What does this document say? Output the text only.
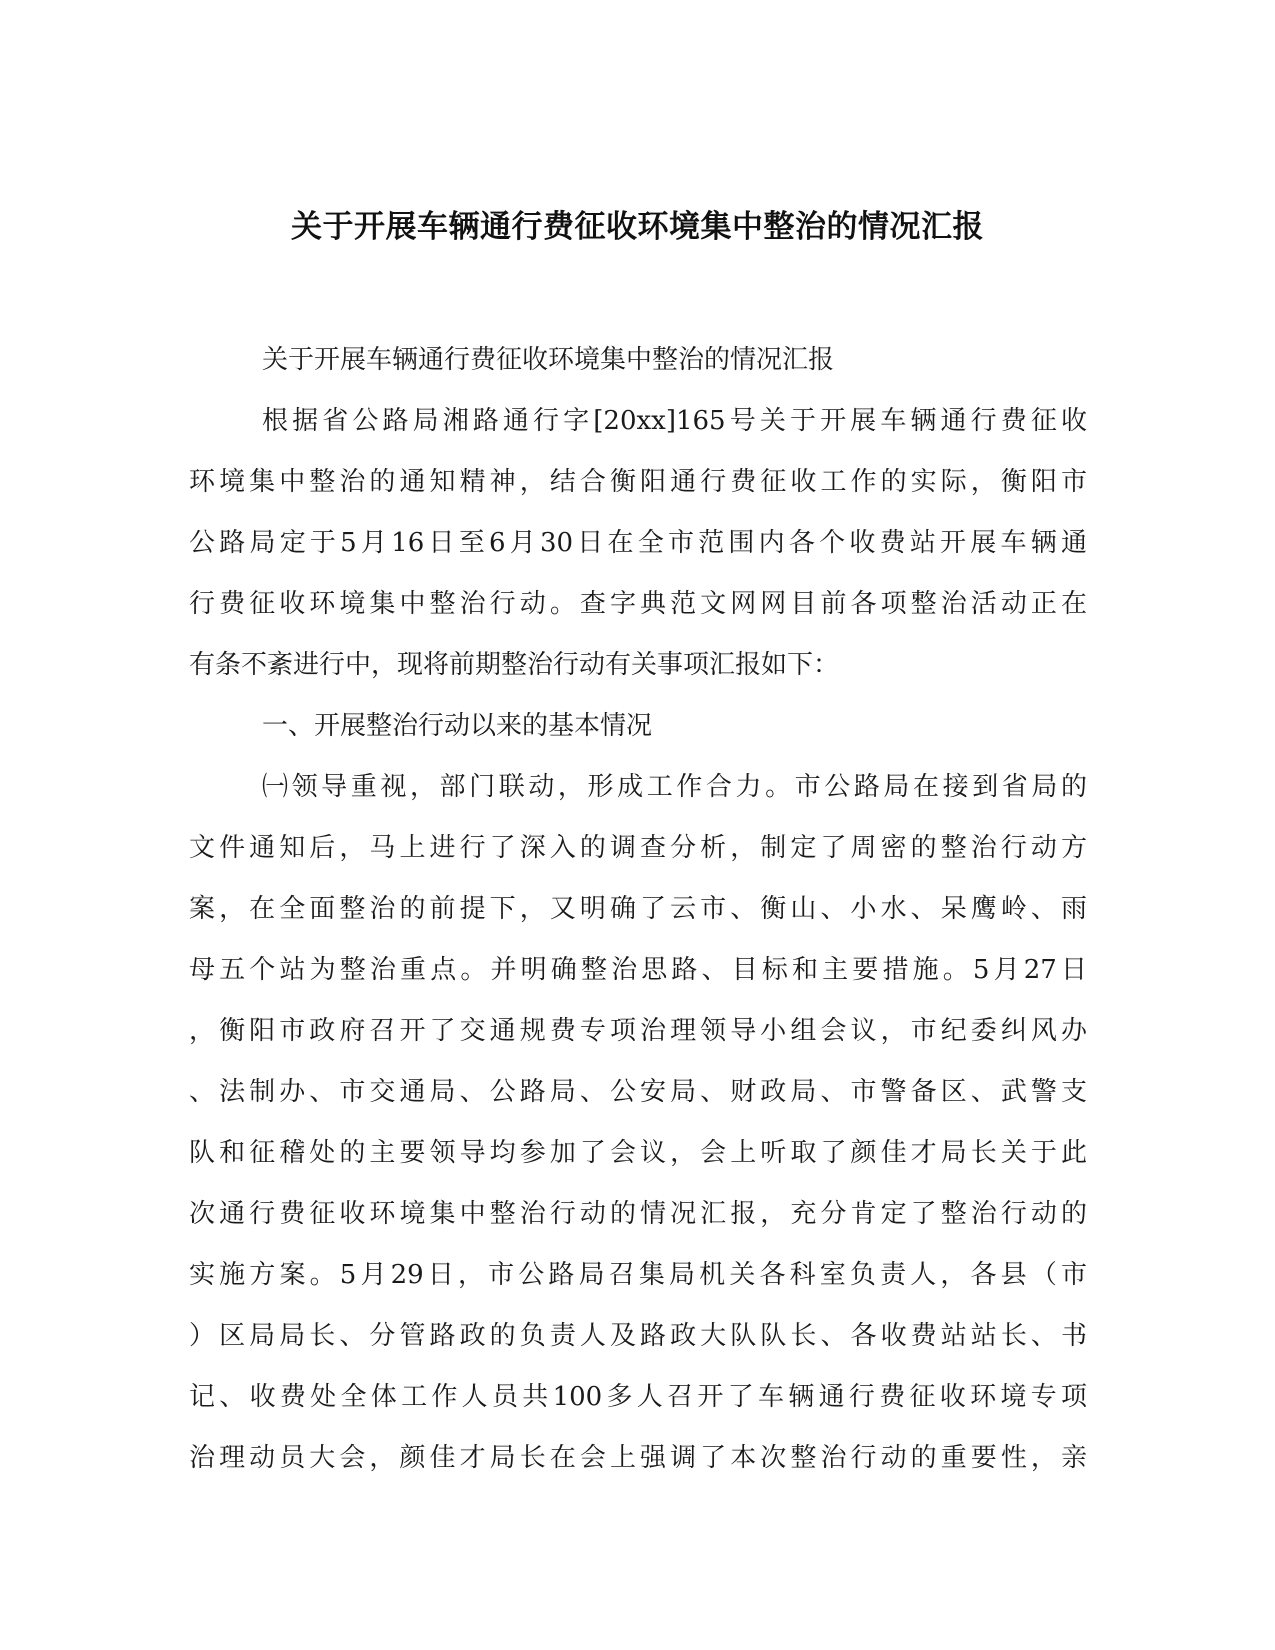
关于开展车辆通行费征收环境集中整治的情况汇报
关于开展车辆通行费征收环境集中整治的情况汇报
根据省公路局湘路通行字[20xx]165号关于开展车辆通行费征收
环境集中整治的通知精神，结合衡阳通行费征收工作的实际，衡阳市
公路局定于5月16日至6月30日在全市范围内各个收费站开展车辆通
行费征收环境集中整治行动。查字典范文网网目前各项整治活动正在
有条不紊进行中，现将前期整治行动有关事项汇报如下：
一、开展整治行动以来的基本情况
㈠领导重视，部门联动，形成工作合力。市公路局在接到省局的
文件通知后，马上进行了深入的调查分析，制定了周密的整治行动方
案，在全面整治的前提下，又明确了云市、衡山、小水、呆鹰岭、雨
母五个站为整治重点。并明确整治思路、目标和主要措施。5月27日
，衡阳市政府召开了交通规费专项治理领导小组会议，市纪委纠风办
、法制办、市交通局、公路局、公安局、财政局、市警备区、武警支
队和征稽处的主要领导均参加了会议，会上听取了颜佳才局长关于此
次通行费征收环境集中整治行动的情况汇报，充分肯定了整治行动的
实施方案。5月29日，市公路局召集局机关各科室负责人，各县（市
）区局局长、分管路政的负责人及路政大队队长、各收费站站长、书
记、收费处全体工作人员共100多人召开了车辆通行费征收环境专项
治理动员大会，颜佳才局长在会上强调了本次整治行动的重要性，亲
